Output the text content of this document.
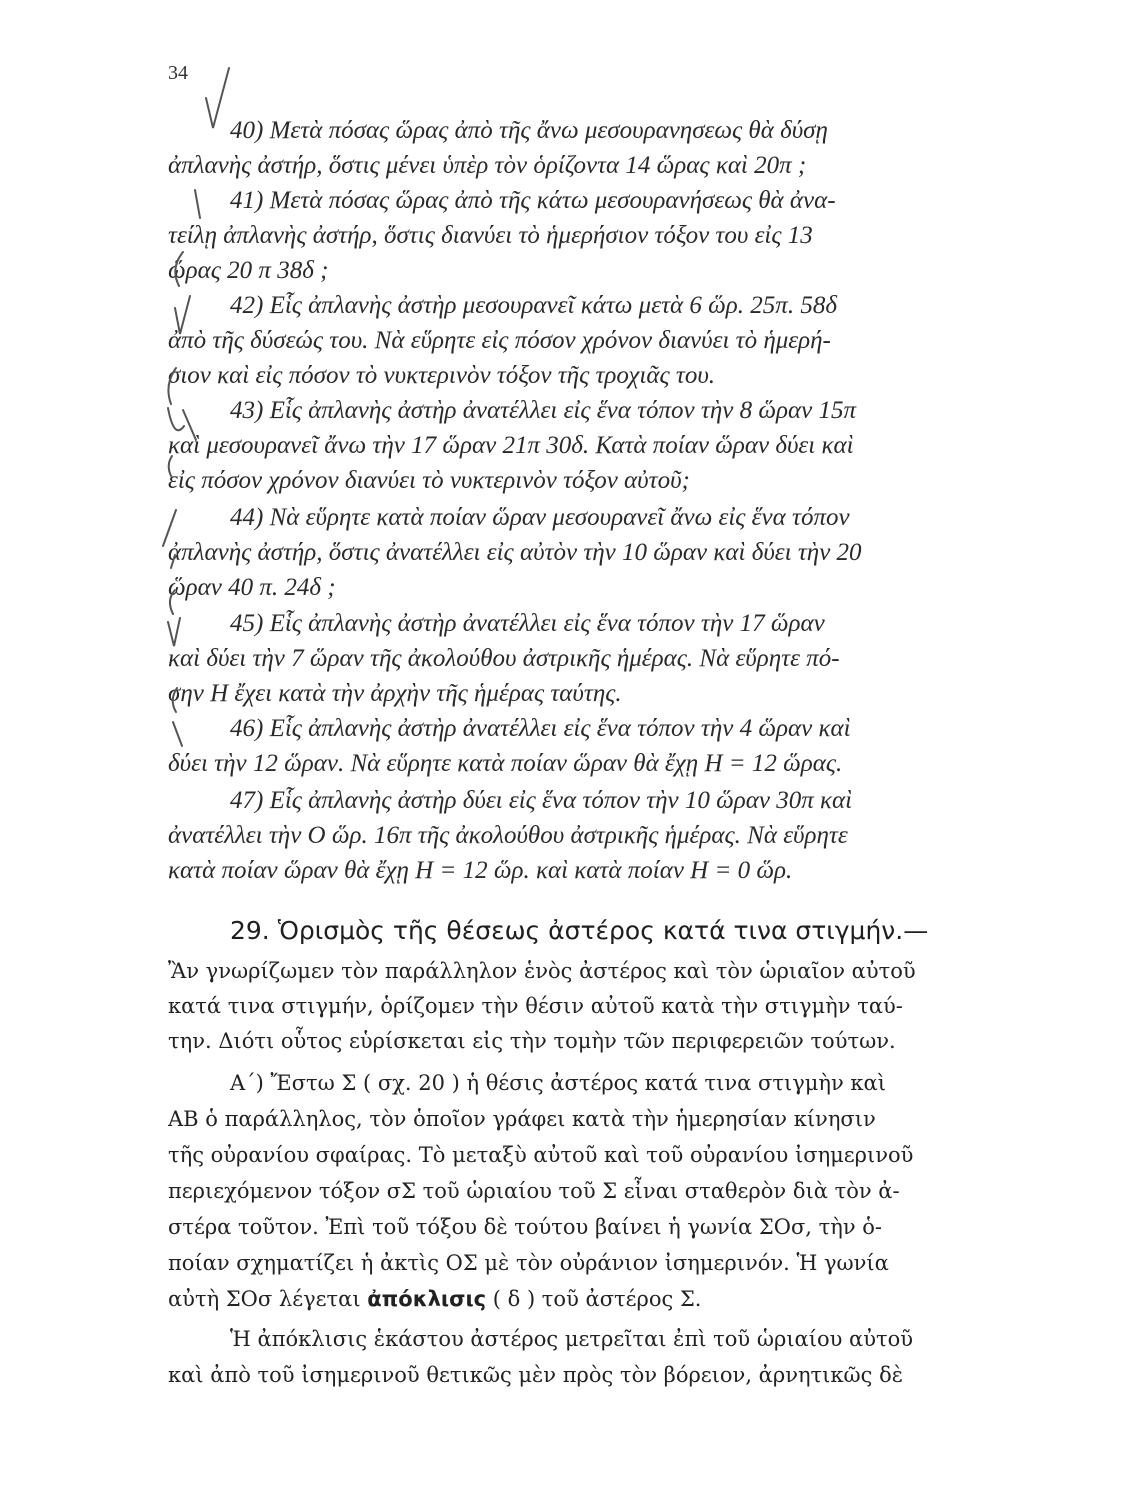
34
40) Μετὰ πόσας ὥρας ἀπὸ τῆς ἄνω μεσουρανησεως θὰ δύσῃ
ἀπλανὴς ἀστήρ, ὅστις μένει ὑπὲρ τὸν ὁρίζοντα 14 ὥρας καὶ 20π ;
41) Μετὰ πόσας ὥρας ἀπὸ τῆς κάτω μεσουρανήσεως θὰ ἀνα-
τείλῃ ἀπλανὴς ἀστήρ, ὅστις διανύει τὸ ἡμερήσιον τόξον του εἰς 13
ὥρας 20 π 38δ ;
42) Εἷς ἀπλανὴς ἀστὴρ μεσουρανεῖ κάτω μετὰ 6 ὥρ. 25π. 58δ
ἀπὸ τῆς δύσεώς του. Νὰ εὕρητε εἰς πόσον χρόνον διανύει τὸ ἡμερή-
σιον καὶ εἰς πόσον τὸ νυκτερινὸν τόξον τῆς τροχιᾶς του.
43) Εἷς ἀπλανὴς ἀστὴρ ἀνατέλλει εἰς ἕνα τόπον τὴν 8 ὥραν 15π
καὶ μεσουρανεῖ ἄνω τὴν 17 ὥραν 21π 30δ. Κατὰ ποίαν ὥραν δύει καὶ
εἰς πόσον χρόνον διανύει τὸ νυκτερινὸν τόξον αὐτοῦ;
44) Νὰ εὕρητε κατὰ ποίαν ὥραν μεσουρανεῖ ἄνω εἰς ἕνα τόπον
ἀπλανὴς ἀστήρ, ὅστις ἀνατέλλει εἰς αὐτὸν τὴν 10 ὥραν καὶ δύει τὴν 20
ὥραν 40 π. 24δ ;
45) Εἷς ἀπλανὴς ἀστὴρ ἀνατέλλει εἰς ἕνα τόπον τὴν 17 ὥραν
καὶ δύει τὴν 7 ὥραν τῆς ἀκολούθου ἀστρικῆς ἡμέρας. Νὰ εὕρητε πό-
σην Η ἔχει κατὰ τὴν ἀρχὴν τῆς ἡμέρας ταύτης.
46) Εἷς ἀπλανὴς ἀστὴρ ἀνατέλλει εἰς ἕνα τόπον τὴν 4 ὥραν καὶ
δύει τὴν 12 ὥραν. Νὰ εὕρητε κατὰ ποίαν ὥραν θὰ ἔχῃ Η = 12 ὥρας.
47) Εἷς ἀπλανὴς ἀστὴρ δύει εἰς ἕνα τόπον τὴν 10 ὥραν 30π καὶ
ἀνατέλλει τὴν Ο ὥρ. 16π τῆς ἀκολούθου ἀστρικῆς ἡμέρας. Νὰ εὕρητε
κατὰ ποίαν ὥραν θὰ ἔχῃ Η = 12 ὥρ. καὶ κατὰ ποίαν Η = 0 ὥρ.
29. Ὁρισμὸς τῆς θέσεως ἀστέρος κατά τινα στιγμήν.—
Ἂν γνωρίζωμεν τὸν παράλληλον ἑνὸς ἀστέρος καὶ τὸν ὡριαῖον αὐτοῦ
κατά τινα στιγμήν, ὁρίζομεν τὴν θέσιν αὐτοῦ κατὰ τὴν στιγμὴν ταύ-
την. Διότι οὗτος εὑρίσκεται εἰς τὴν τομὴν τῶν περιφερειῶν τούτων.
Α΄) Ἔστω Σ ( σχ. 20 ) ἡ θέσις ἀστέρος κατά τινα στιγμὴν καὶ
ΑΒ ὁ παράλληλος, τὸν ὁποῖον γράφει κατὰ τὴν ἡμερησίαν κίνησιν
τῆς οὐρανίου σφαίρας. Τὸ μεταξὺ αὐτοῦ καὶ τοῦ οὐρανίου ἰσημερινοῦ
περιεχόμενον τόξον σΣ τοῦ ὡριαίου τοῦ Σ εἶναι σταθερὸν διὰ τὸν ἀ-
στέρα τοῦτον. Ἐπὶ τοῦ τόξου δὲ τούτου βαίνει ἡ γωνία ΣΟσ, τὴν ὁ-
ποίαν σχηματίζει ἡ ἀκτὶς ΟΣ μὲ τὸν οὐράνιον ἰσημερινόν. Ἡ γωνία
αὐτὴ ΣΟσ λέγεται ἀπόκλισις ( δ ) τοῦ ἀστέρος Σ.
Ἡ ἀπόκλισις ἑκάστου ἀστέρος μετρεῖται ἐπὶ τοῦ ὡριαίου αὐτοῦ
καὶ ἀπὸ τοῦ ἰσημερινοῦ θετικῶς μὲν πρὸς τὸν βόρειον, ἀρνητικῶς δὲ
